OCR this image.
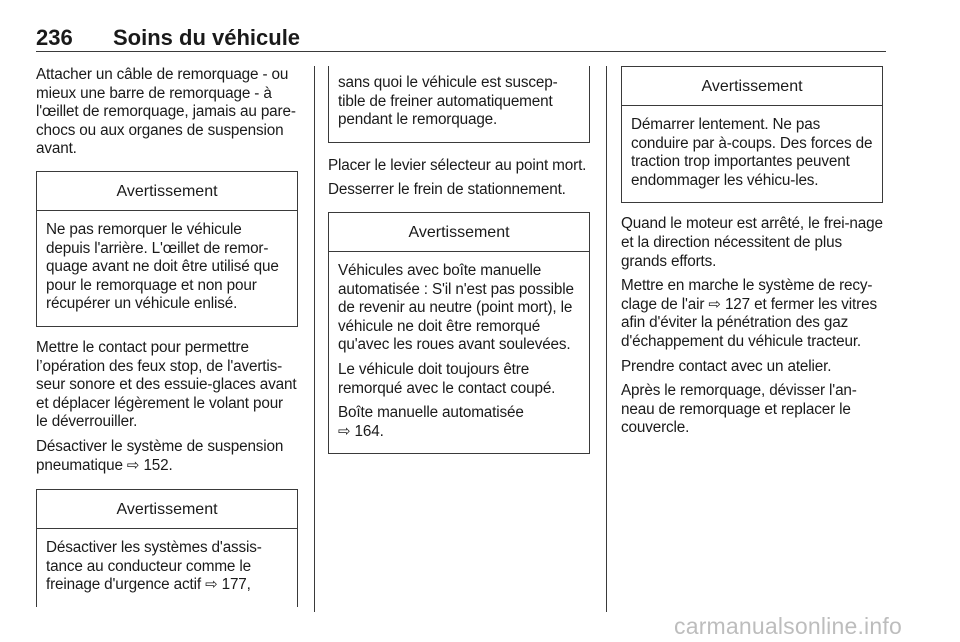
236 Soins du véhicule

Attacher un câble de remorquage - ou mieux une barre de remorquage - à l'œillet de remorquage, jamais au pare-chocs ou aux organes de suspension avant.

Avertissement

Ne pas remorquer le véhicule depuis l'arrière. L'œillet de remor-quage avant ne doit être utilisé que pour le remorquage et non pour récupérer un véhicule enlisé.

Mettre le contact pour permettre l’opération des feux stop, de l'avertis-seur sonore et des essuie-glaces avant et déplacer légèrement le volant pour le déverrouiller.

Désactiver le système de suspension pneumatique ⇨ 152.

Avertissement

Désactiver les systèmes d'assis-tance au conducteur comme le freinage d'urgence actif ⇨ 177,

sans quoi le véhicule est suscep-tible de freiner automatiquement pendant le remorquage.

Placer le levier sélecteur au point mort.

Desserrer le frein de stationnement.

Avertissement

Véhicules avec boîte manuelle automatisée : S'il n'est pas possible de revenir au neutre (point mort), le véhicule ne doit être remorqué qu'avec les roues avant soulevées.

Le véhicule doit toujours être remorqué avec le contact coupé.

Boîte manuelle automatisée
⇨ 164.

Avertissement

Démarrer lentement. Ne pas conduire par à-coups. Des forces de traction trop importantes peuvent endommager les véhicu-les.

Quand le moteur est arrêté, le frei-nage et la direction nécessitent de plus grands efforts.

Mettre en marche le système de recy-clage de l'air ⇨ 127 et fermer les vitres afin d'éviter la pénétration des gaz d'échappement du véhicule tracteur.

Prendre contact avec un atelier.

Après le remorquage, dévisser l'an-neau de remorquage et replacer le couvercle.

carmanualsonline.info
